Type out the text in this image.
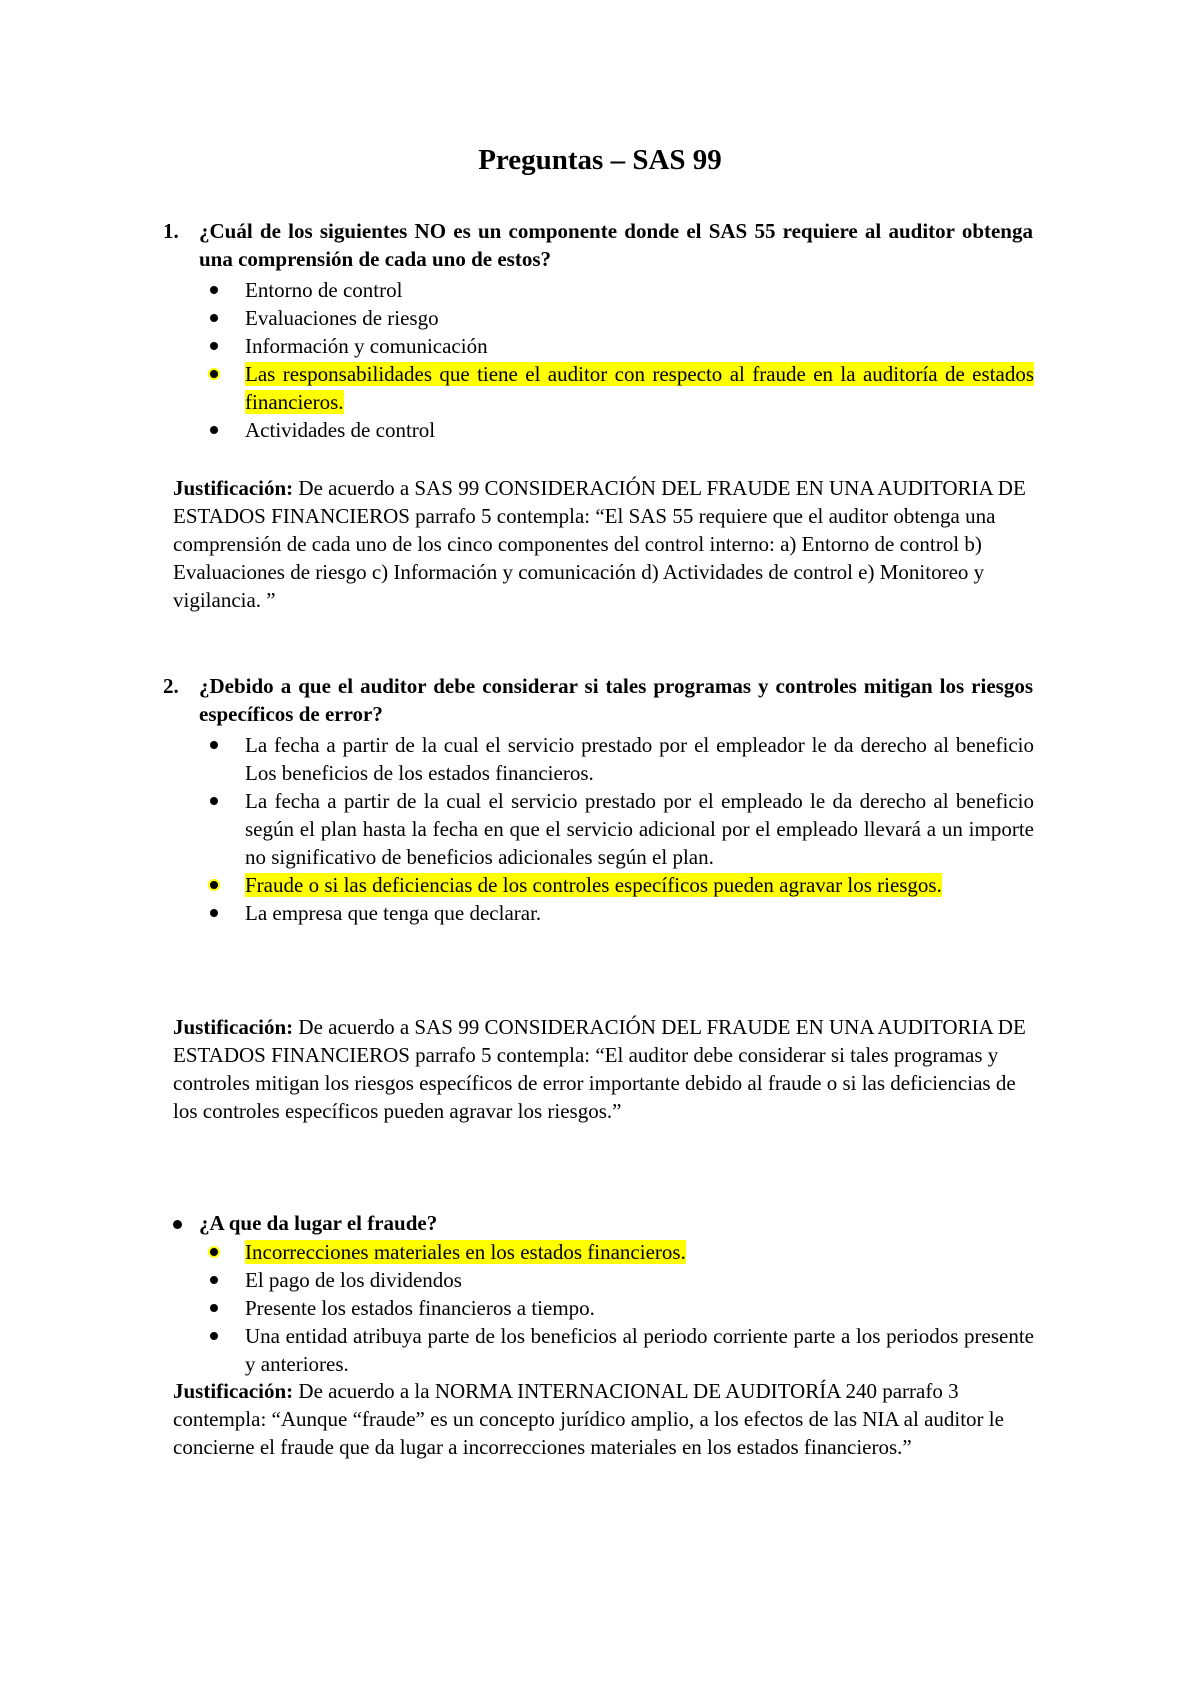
Preguntas – SAS 99
1. ¿Cuál de los siguientes NO es un componente donde el SAS 55 requiere al auditor obtenga una comprensión de cada uno de estos?
Entorno de control
Evaluaciones de riesgo
Información y comunicación
Las responsabilidades que tiene el auditor con respecto al fraude en la auditoría de estados financieros.
Actividades de control
Justificación: De acuerdo a SAS 99 CONSIDERACIÓN DEL FRAUDE EN UNA AUDITORIA DE ESTADOS FINANCIEROS parrafo 5 contempla: “El SAS 55 requiere que el auditor obtenga una comprensión de cada uno de los cinco componentes del control interno: a) Entorno de control b) Evaluaciones de riesgo c) Información y comunicación d) Actividades de control e) Monitoreo y vigilancia. ”
2. ¿Debido a que el auditor debe considerar si tales programas y controles mitigan los riesgos específicos de error?
La fecha a partir de la cual el servicio prestado por el empleador le da derecho al beneficio Los beneficios de los estados financieros.
La fecha a partir de la cual el servicio prestado por el empleado le da derecho al beneficio según el plan hasta la fecha en que el servicio adicional por el empleado llevará a un importe no significativo de beneficios adicionales según el plan.
Fraude o si las deficiencias de los controles específicos pueden agravar los riesgos.
La empresa que tenga que declarar.
Justificación: De acuerdo a SAS 99 CONSIDERACIÓN DEL FRAUDE EN UNA AUDITORIA DE ESTADOS FINANCIEROS parrafo 5 contempla: “El auditor debe considerar si tales programas y controles mitigan los riesgos específicos de error importante debido al fraude o si las deficiencias de los controles específicos pueden agravar los riesgos.”
¿A que da lugar el fraude?
Incorrecciones materiales en los estados financieros.
El pago de los dividendos
Presente los estados financieros a tiempo.
Una entidad atribuya parte de los beneficios al periodo corriente parte a los periodos presente y anteriores.
Justificación: De acuerdo a la NORMA INTERNACIONAL DE AUDITORÍA 240 parrafo 3 contempla: “Aunque “fraude” es un concepto jurídico amplio, a los efectos de las NIA al auditor le concierne el fraude que da lugar a incorrecciones materiales en los estados financieros.”
